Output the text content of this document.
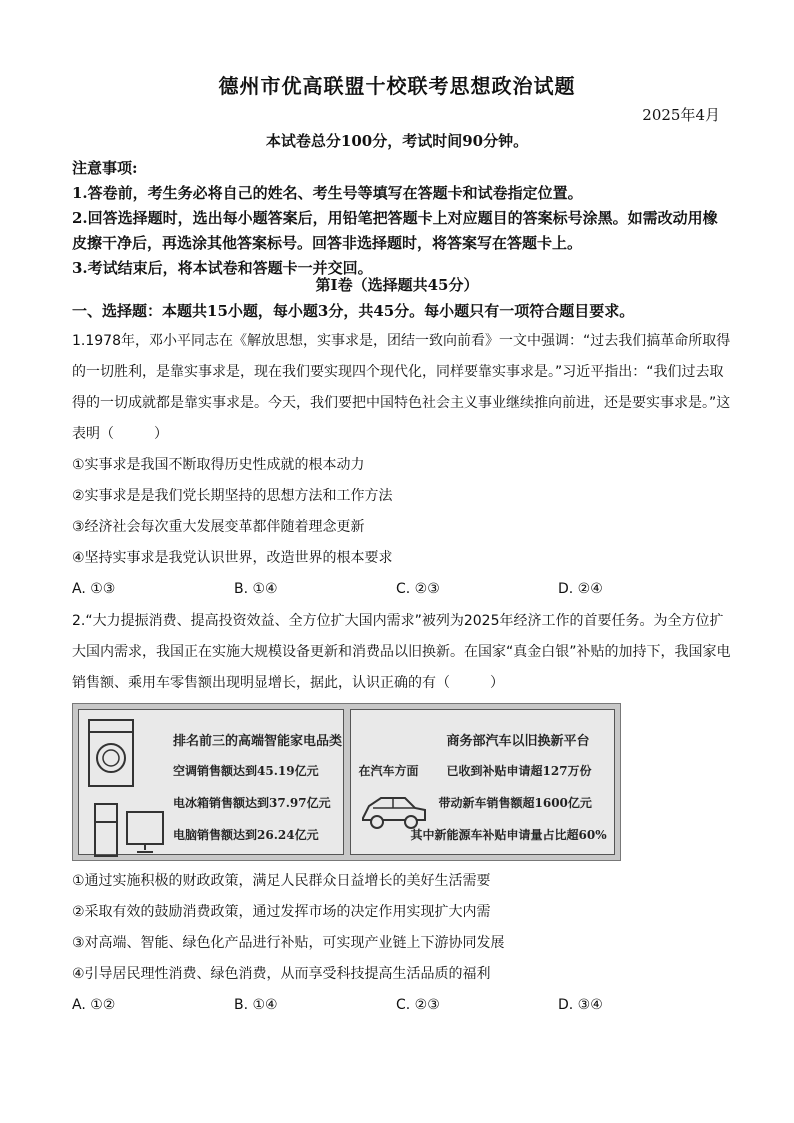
德州市优高联盟十校联考思想政治试题
2025年4月
本试卷总分100分，考试时间90分钟。

注意事项:

1.答卷前，考生务必将自己的姓名、考生号等填写在答题卡和试卷指定位置。

2.回答选择题时，选出每小题答案后，用铅笔把答题卡上对应题目的答案标号涂黑。如需改动用橡皮擦干净后，再选涂其他答案标号。回答非选择题时，将答案写在答题卡上。

3.考试结束后，将本试卷和答题卡一并交回。

第Ⅰ卷（选择题共45分）
一、选择题：本题共15小题，每小题3分，共45分。每小题只有一项符合题目要求。

1.1978年，邓小平同志在《解放思想，实事求是，团结一致向前看》一文中强调：“过去我们搞革命所取得的一切胜利，是靠实事求是，现在我们要实现四个现代化，同样要靠实事求是。”习近平指出：“我们过去取得的一切成就都是靠实事求是。今天，我们要把中国特色社会主义事业继续推向前进，还是要实事求是。”这表明（	）

①实事求是我国不断取得历史性成就的根本动力

②实事求是是我们党长期坚持的思想方法和工作方法

③经济社会每次重大发展变革都伴随着理念更新

④坚持实事求是我党认识世界，改造世界的根本要求

A. ①③	B. ①④	C. ②③	D. ②④

2.“大力提振消费、提高投资效益、全方位扩大国内需求”被列为2025年经济工作的首要任务。为全方位扩大国内需求，我国正在实施大规模设备更新和消费品以旧换新。在国家“真金白银”补贴的加持下，我国家电销售额、乘用车零售额出现明显增长，据此，认识正确的有（	）

排名前三的高端智能家电品类
空调销售额达到45.19亿元
电冰箱销售额达到37.97亿元
电脑销售额达到26.24亿元
商务部汽车以旧换新平台
在汽车方面 已收到补贴申请超127万份
带动新车销售额超1600亿元
其中新能源车补贴申请量占比超60%

①通过实施积极的财政政策，满足人民群众日益增长的美好生活需要

②采取有效的鼓励消费政策，通过发挥市场的决定作用实现扩大内需

③对高端、智能、绿色化产品进行补贴，可实现产业链上下游协同发展

④引导居民理性消费、绿色消费，从而享受科技提高生活品质的福利

A. ①②	B. ①④	C. ②③	D. ③④
